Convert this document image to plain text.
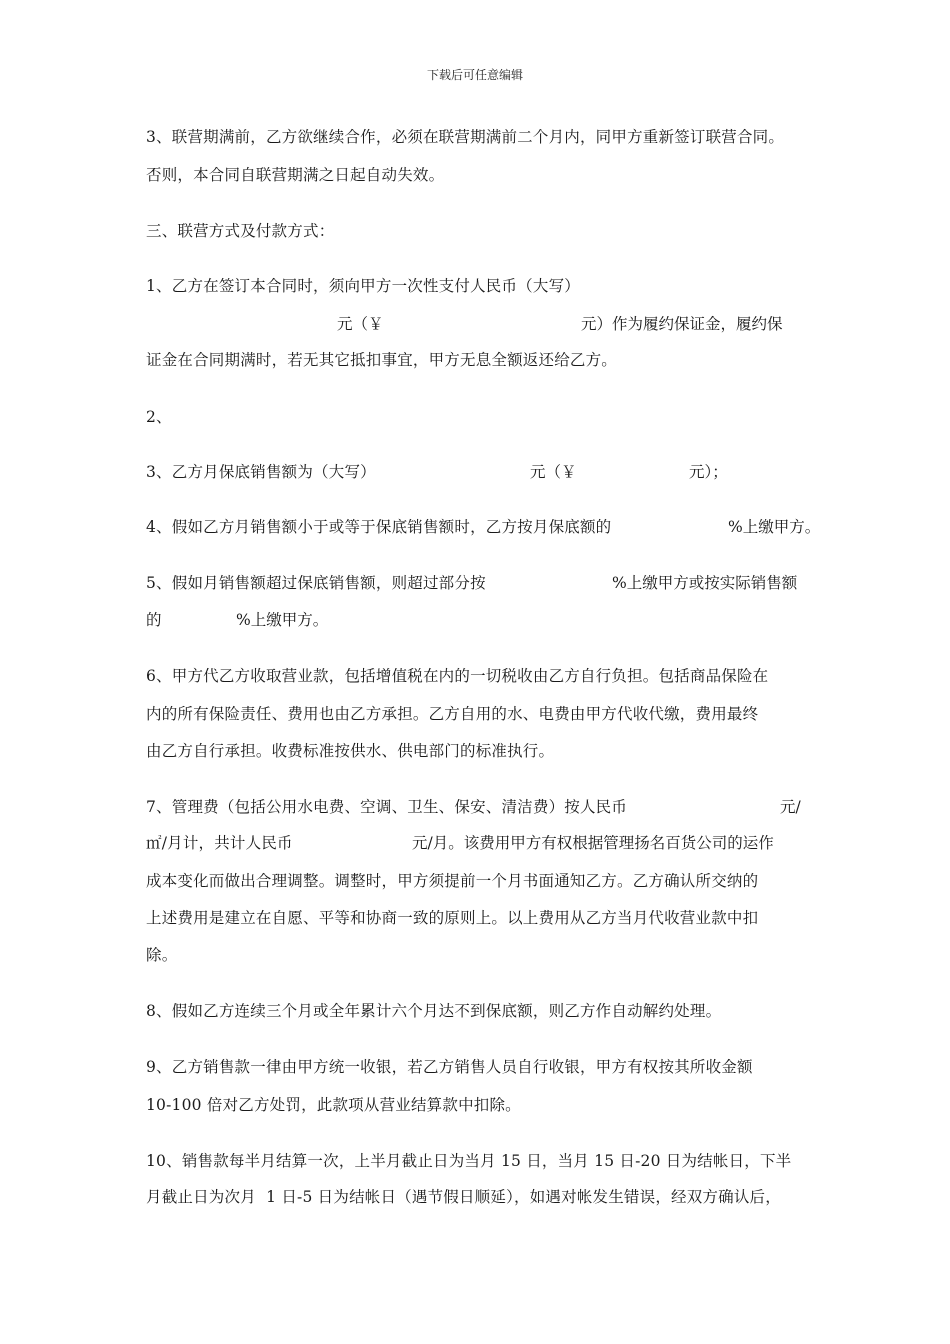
下载后可任意编辑
3、联营期满前，乙方欲继续合作，必须在联营期满前二个月内，同甲方重新签订联营合同。
否则，本合同自联营期满之日起自动失效。
三、联营方式及付款方式：
1、乙方在签订本合同时，须向甲方一次性支付人民币（大写）
元（￥	元）作为履约保证金，履约保
证金在合同期满时，若无其它抵扣事宜，甲方无息全额返还给乙方。
2、
3、乙方月保底销售额为（大写）	元（￥	元）；
4、假如乙方月销售额小于或等于保底销售额时，乙方按月保底额的	%上缴甲方。
5、假如月销售额超过保底销售额，则超过部分按	%上缴甲方或按实际销售额
的	%上缴甲方。
6、甲方代乙方收取营业款，包括增值税在内的一切税收由乙方自行负担。包括商品保险在
内的所有保险责任、费用也由乙方承担。乙方自用的水、电费由甲方代收代缴，费用最终
由乙方自行承担。收费标准按供水、供电部门的标准执行。
7、管理费（包括公用水电费、空调、卫生、保安、清洁费）按人民币	元/
㎡/月计，共计人民币	元/月。该费用甲方有权根据管理扬名百货公司的运作
成本变化而做出合理调整。调整时，甲方须提前一个月书面通知乙方。乙方确认所交纳的
上述费用是建立在自愿、平等和协商一致的原则上。以上费用从乙方当月代收营业款中扣
除。
8、假如乙方连续三个月或全年累计六个月达不到保底额，则乙方作自动解约处理。
9、乙方销售款一律由甲方统一收银，若乙方销售人员自行收银，甲方有权按其所收金额
10-100 倍对乙方处罚，此款项从营业结算款中扣除。
10、销售款每半月结算一次，上半月截止日为当月 15 日，当月 15 日-20 日为结帐日，下半
月截止日为次月  1 日-5 日为结帐日（遇节假日顺延），如遇对帐发生错误，经双方确认后，
